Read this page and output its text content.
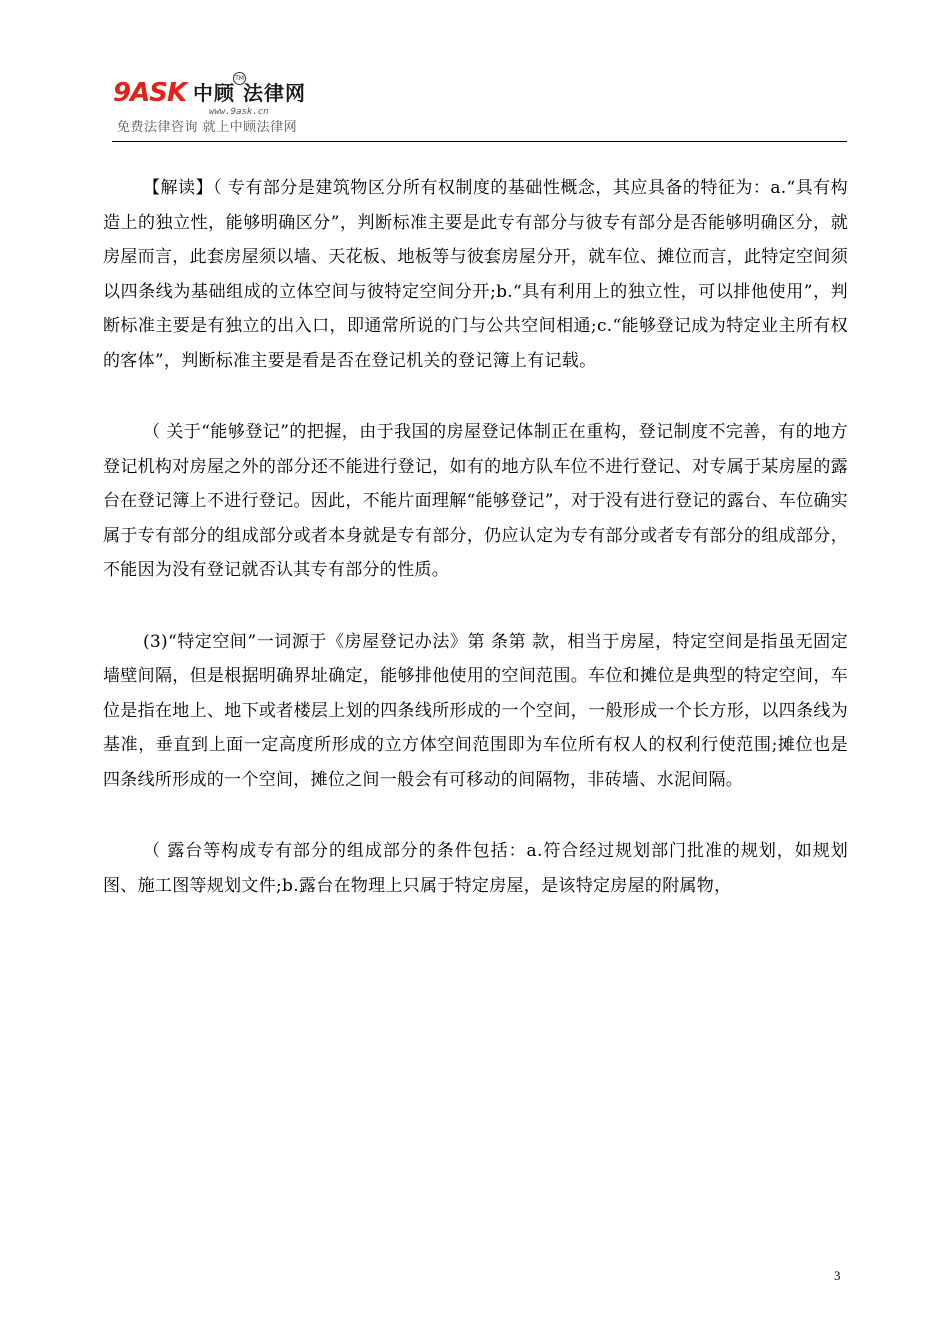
9ASK 中顾 法律网
TM
www.9ask.cn
免费法律咨询 就上中顾法律网

【解读】（ 专有部分是建筑物区分所有权制度的基础性概念，其应具备的特征为：a.“具有构造上的独立性，能够明确区分”，判断标准主要是此专有部分与彼专有部分是否能够明确区分，就房屋而言，此套房屋须以墙、天花板、地板等与彼套房屋分开，就车位、摊位而言，此特定空间须以四条线为基础组成的立体空间与彼特定空间分开;b.“具有利用上的独立性，可以排他使用”，判断标准主要是有独立的出入口，即通常所说的门与公共空间相通;c.“能够登记成为特定业主所有权的客体”，判断标准主要是看是否在登记机关的登记簿上有记载。

（ 关于“能够登记”的把握，由于我国的房屋登记体制正在重构，登记制度不完善，有的地方登记机构对房屋之外的部分还不能进行登记，如有的地方队车位不进行登记、对专属于某房屋的露台在登记簿上不进行登记。因此，不能片面理解“能够登记”，对于没有进行登记的露台、车位确实属于专有部分的组成部分或者本身就是专有部分，仍应认定为专有部分或者专有部分的组成部分，不能因为没有登记就否认其专有部分的性质。

(3)“特定空间”一词源于《房屋登记办法》第 条第 款，相当于房屋，特定空间是指虽无固定墙壁间隔，但是根据明确界址确定，能够排他使用的空间范围。车位和摊位是典型的特定空间，车位是指在地上、地下或者楼层上划的四条线所形成的一个空间，一般形成一个长方形，以四条线为基准，垂直到上面一定高度所形成的立方体空间范围即为车位所有权人的权利行使范围;摊位也是四条线所形成的一个空间，摊位之间一般会有可移动的间隔物，非砖墙、水泥间隔。

（ 露台等构成专有部分的组成部分的条件包括：a.符合经过规划部门批准的规划，如规划图、施工图等规划文件;b.露台在物理上只属于特定房屋，是该特定房屋的附属物，

3
